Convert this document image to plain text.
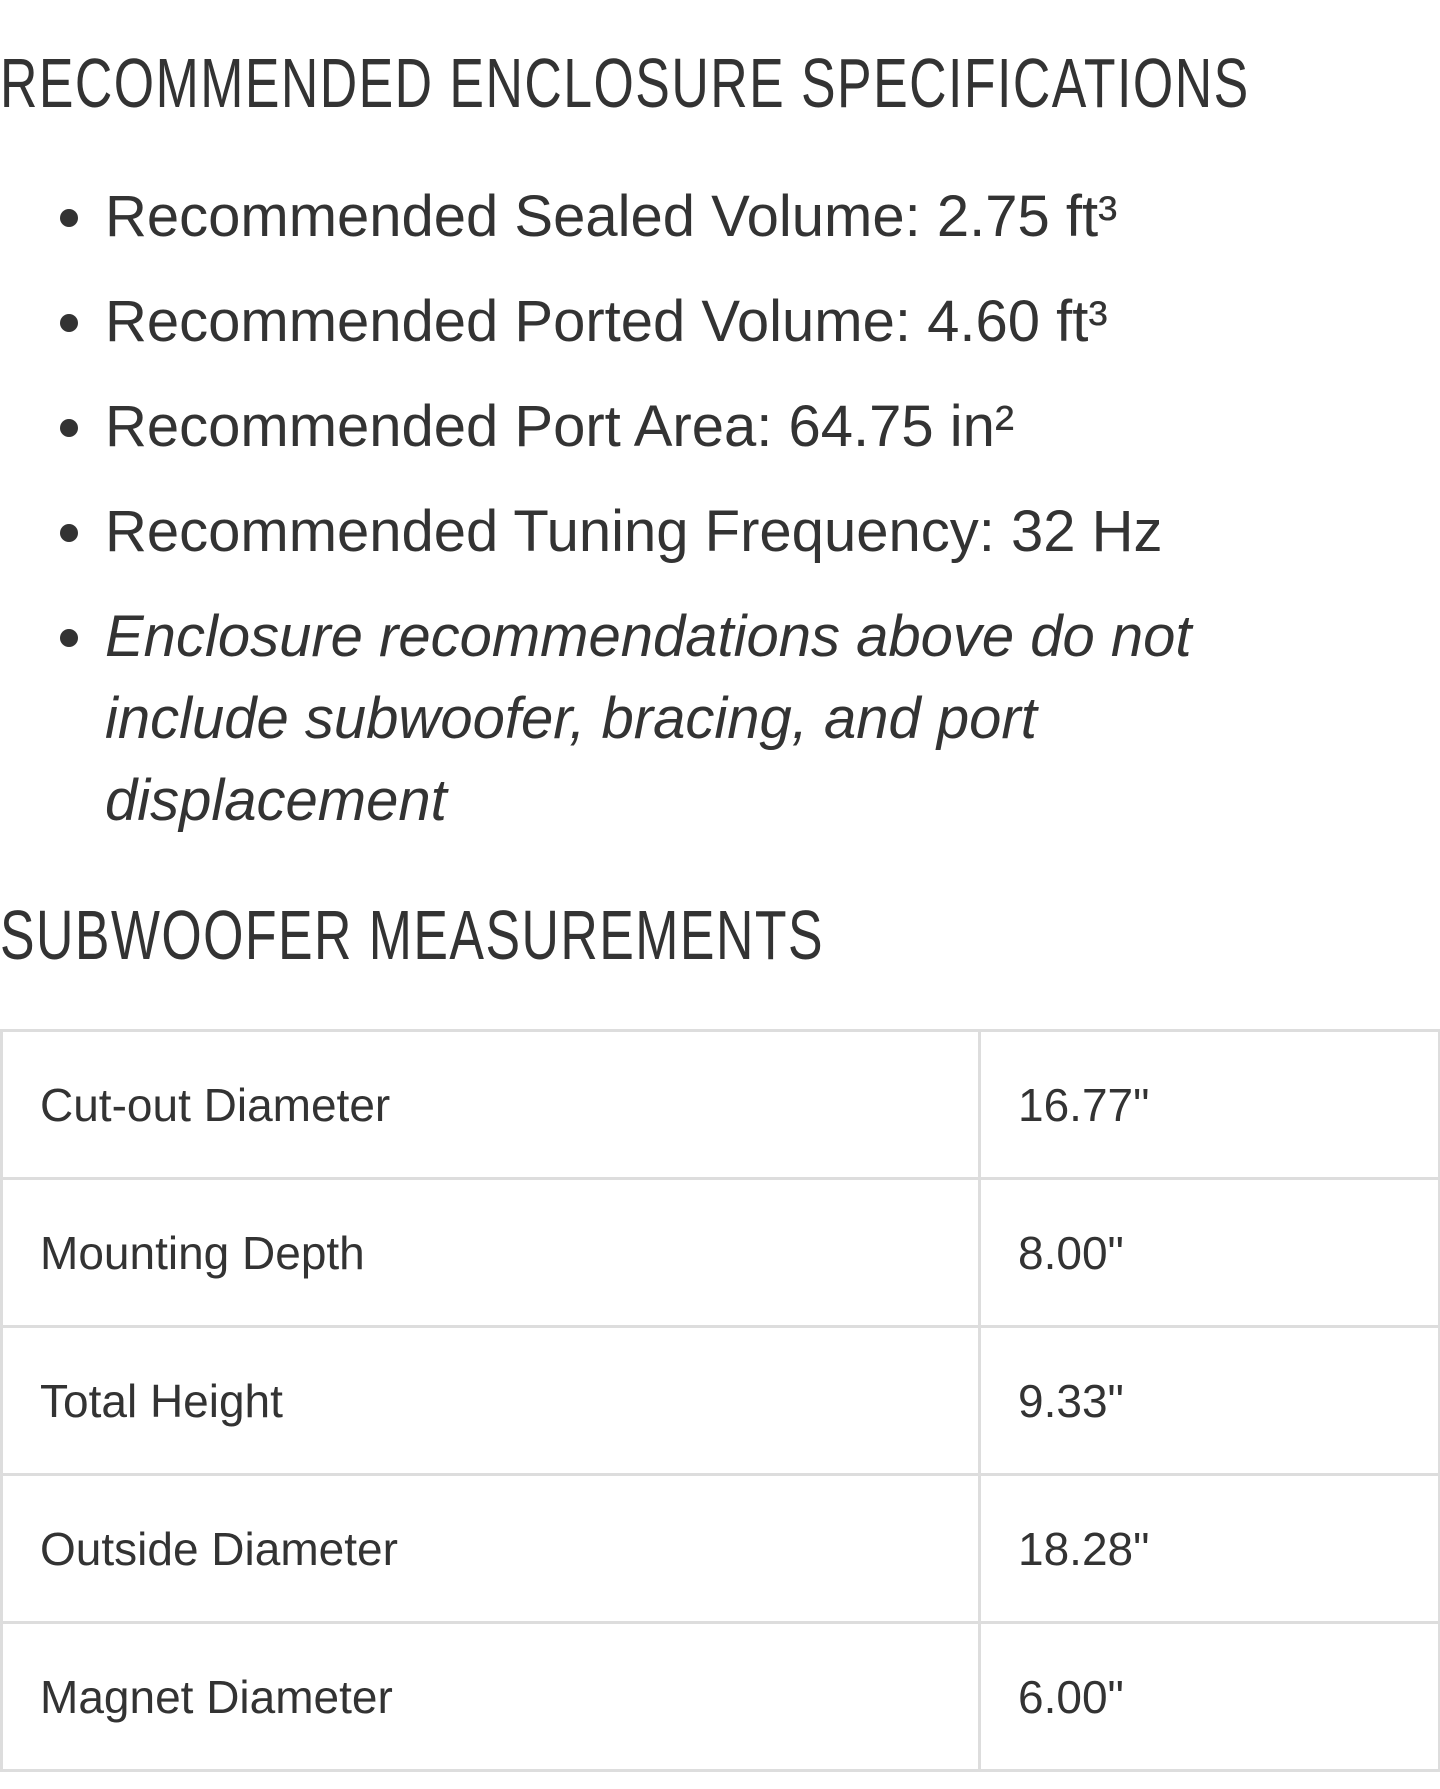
RECOMMENDED ENCLOSURE SPECIFICATIONS
Recommended Sealed Volume: 2.75 ft³
Recommended Ported Volume: 4.60 ft³
Recommended Port Area: 64.75 in²
Recommended Tuning Frequency: 32 Hz
Enclosure recommendations above do not include subwoofer, bracing, and port displacement
SUBWOOFER MEASUREMENTS
Cut-out Diameter	16.77"
Mounting Depth	8.00"
Total Height	9.33"
Outside Diameter	18.28"
Magnet Diameter	6.00"
